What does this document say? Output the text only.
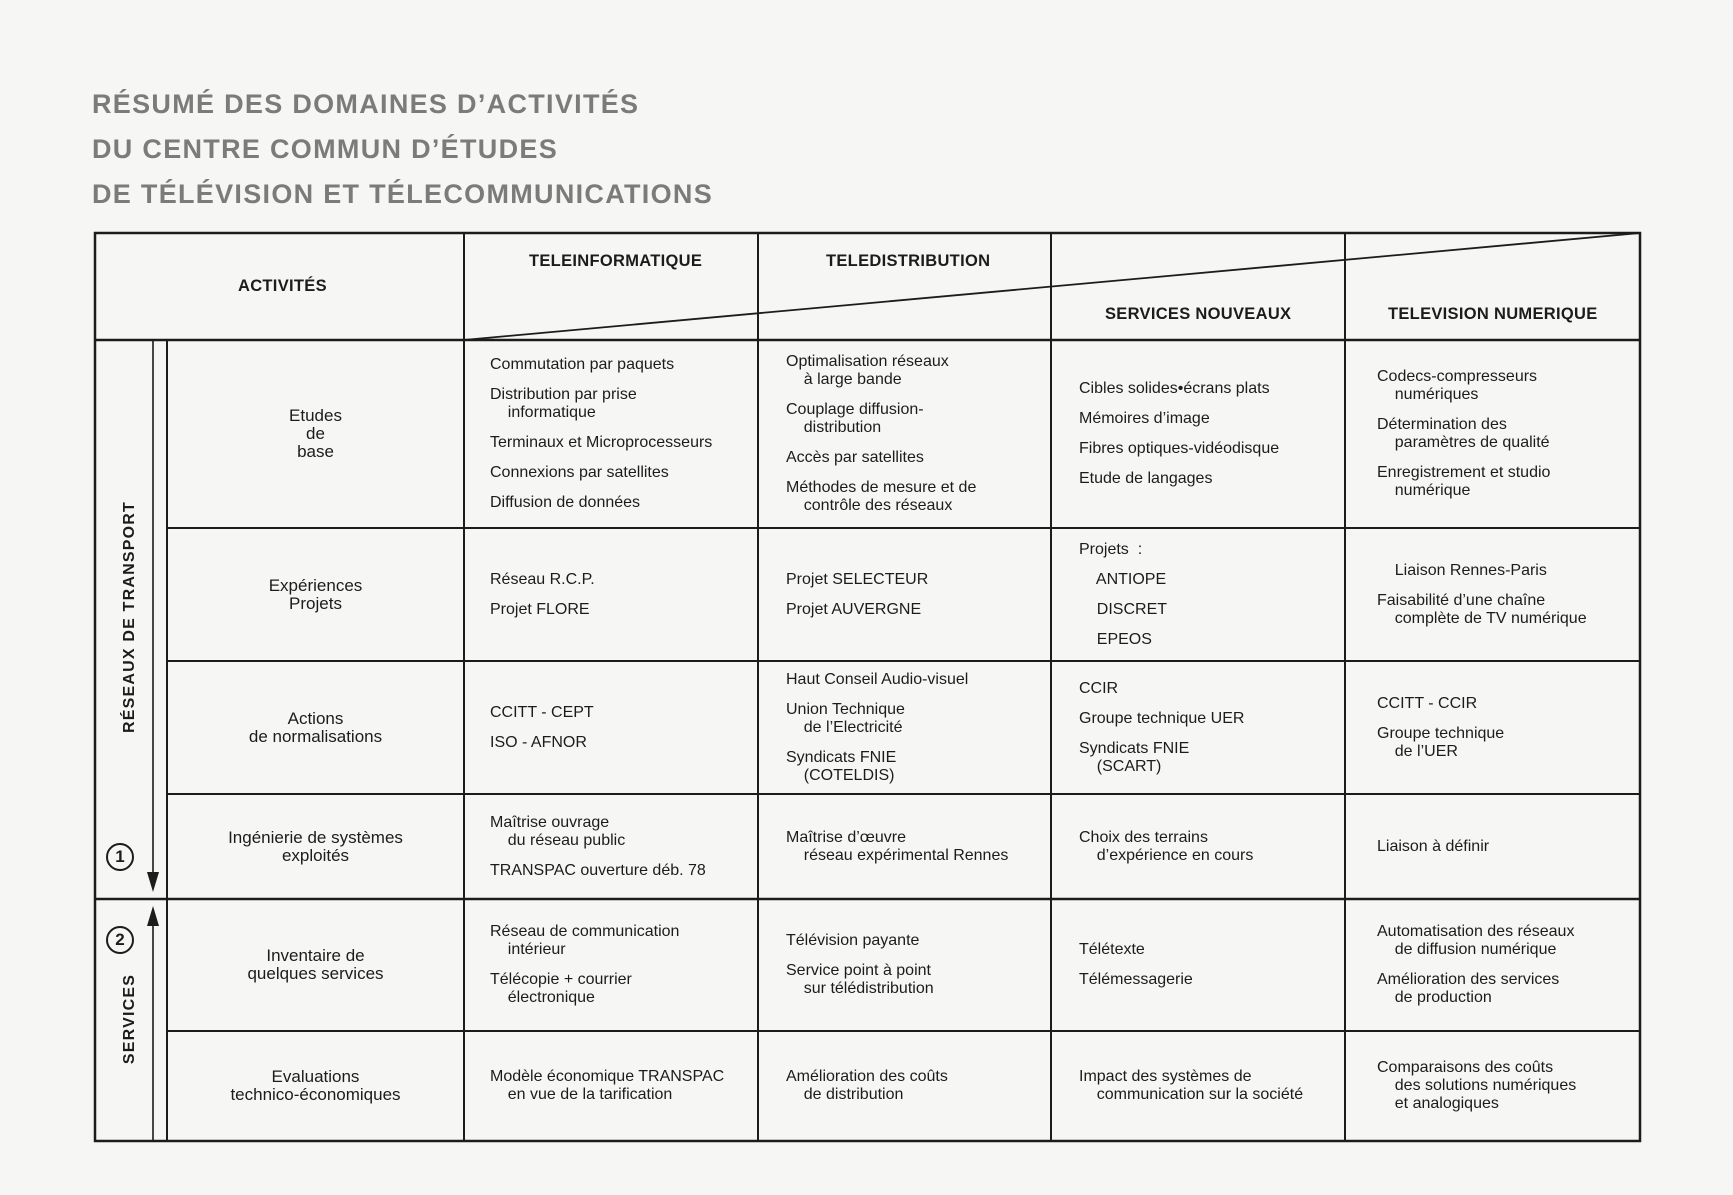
RÉSUMÉ DES DOMAINES D’ACTIVITÉS
DU CENTRE COMMUN D’ÉTUDES
DE TÉLÉVISION ET TÉLECOMMUNICATIONS
ACTIVITÉS
TELEINFORMATIQUE	TELEDISTRIBUTION
SERVICES NOUVEAUX	TELEVISION NUMERIQUE
RÉSEAUX DE TRANSPORT
SERVICES
1
2
Etudes
de
base
Expériences
Projets
Actions
de normalisations
Ingénierie de systèmes
exploités
Inventaire de
quelques services
Evaluations
technico-économiques
Commutation par paquets
Distribution par prise
informatique
Terminaux et Microprocesseurs
Connexions par satellites
Diffusion de données
Optimalisation réseaux
à large bande
Couplage diffusion-
distribution
Accès par satellites
Méthodes de mesure et de
contrôle des réseaux
Cibles solides•écrans plats
Mémoires d’image
Fibres optiques-vidéodisque
Etude de langages
Codecs-compresseurs
numériques
Détermination des
paramètres de qualité
Enregistrement et studio
numérique
Réseau R.C.P.
Projet FLORE
Projet SELECTEUR
Projet AUVERGNE
Projets  :
ANTIOPE
DISCRET
EPEOS
Liaison Rennes-Paris
Faisabilité d’une chaîne
complète de TV numérique
CCITT - CEPT
ISO - AFNOR
Haut Conseil Audio-visuel
Union Technique
de l’Electricité
Syndicats FNIE
(COTELDIS)
CCIR
Groupe technique UER
Syndicats FNIE
(SCART)
CCITT - CCIR
Groupe technique
de l’UER
Maîtrise ouvrage
du réseau public
TRANSPAC ouverture déb. 78
Maîtrise d’œuvre
réseau expérimental Rennes
Choix des terrains
d’expérience en cours
Liaison à définir
Réseau de communication
intérieur
Télécopie + courrier
électronique
Télévision payante
Service point à point
sur télédistribution
Télétexte
Télémessagerie
Automatisation des réseaux
de diffusion numérique
Amélioration des services
de production
Modèle économique TRANSPAC
en vue de la tarification
Amélioration des coûts
de distribution
Impact des systèmes de
communication sur la société
Comparaisons des coûts
des solutions numériques
et analogiques
